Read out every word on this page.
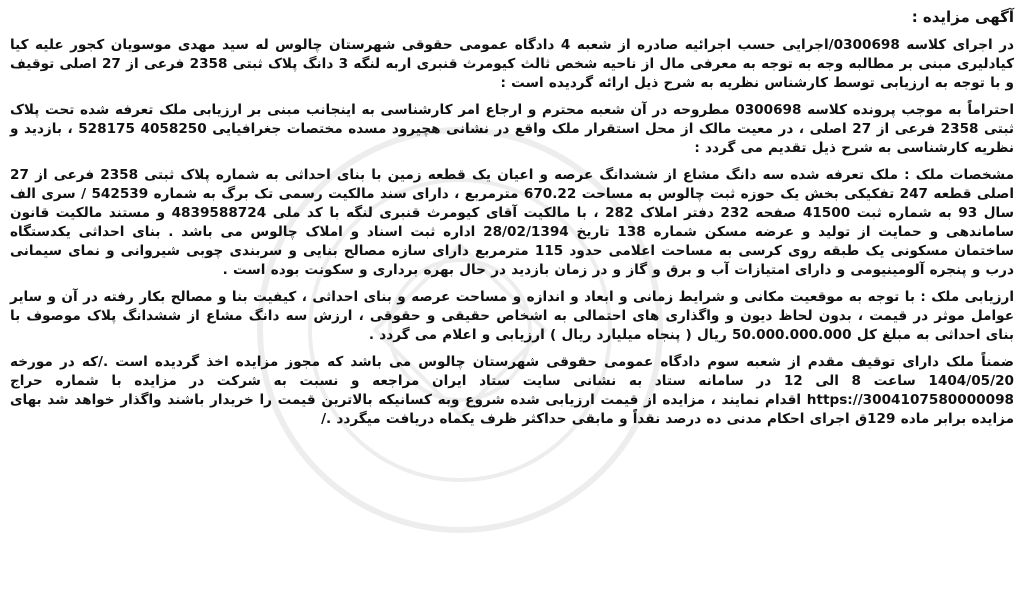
آگهی مزایده :

در اجرای کلاسه 0300698/اجرایی حسب اجرائیه صادره از شعبه 4 دادگاه عمومی حقوقی شهرستان چالوس له سید مهدی موسویان کجور علیه کیا کیادلیری مبنی بر مطالبه وجه به توجه به معرفی مال از ناحیه شخص ثالث کیومرث قنبری اربه لنگه 3 دانگ پلاک ثبتی 2358 فرعی از 27 اصلی توقیف و با توجه به ارزیابی توسط کارشناس نظریه به شرح ذیل ارائه گردیده است :

احتراماً به موجب پرونده کلاسه 0300698 مطروحه در آن شعبه محترم و ارجاع امر کارشناسی به اینجانب مبنی بر ارزیابی ملک تعرفه شده تحت پلاک ثبتی 2358 فرعی از 27 اصلی ، در معیت مالک از محل استقرار ملک واقع در نشانی هچیرود مسده مختصات جغرافیایی 4058250 528175 ، بازدید و نظریه کارشناسی به شرح ذیل تقدیم می گردد :

مشخصات ملک : ملک تعرفه شده سه دانگ مشاع از ششدانگ عرصه و اعیان یک قطعه زمین با بنای احداثی به شماره پلاک ثبتی 2358 فرعی از 27 اصلی قطعه 247 تفکیکی بخش یک حوزه ثبت چالوس به مساحت 670.22 مترمربع ، دارای سند مالکیت رسمی تک برگ به شماره 542539 / سری الف سال 93 به شماره ثبت 41500 صفحه 232 دفتر املاک 282 ، با مالکیت آقای کیومرث قنبری لنگه با کد ملی 4839588724 و مستند مالکیت قانون ساماندهی و حمایت از تولید و عرضه مسکن شماره 138 تاریخ 28/02/1394 اداره ثبت اسناد و املاک چالوس می باشد . بنای احداثی یکدستگاه ساختمان مسکونی یک طبقه روی کرسی به مساحت اعلامی حدود 115 مترمربع دارای سازه مصالح بنایی و سربندی چوبی شیروانی و نمای سیمانی درب و پنجره آلومینیومی و دارای امتیازات آب و برق و گاز و در زمان بازدید در حال بهره برداری و سکونت بوده است .

ارزیابی ملک : با توجه به موقعیت مکانی و شرایط زمانی و ابعاد و اندازه و مساحت عرصه و بنای احداثی ، کیفیت بنا و مصالح بکار رفته در آن و سایر عوامل موثر در قیمت ، بدون لحاظ دیون و واگذاری های احتمالی به اشخاص حقیقی و حقوقی ، ارزش سه دانگ مشاع از ششدانگ پلاک موصوف با بنای احداثی به مبلغ کل 50.000.000.000 ریال ( پنجاه میلیارد ریال ) ارزیابی و اعلام می گردد .

ضمناً ملک دارای توقیف مقدم از شعبه سوم دادگاه عمومی حقوقی شهرستان چالوس می باشد که مجوز مزایده اخذ گردیده است ./که در مورخه 1404/05/20 ساعت 8 الی 12 در سامانه ستاد به نشانی سایت ستاد ایران مراجعه و نسبت به شرکت در مزایده با شماره حراج https://3004107580000098 اقدام نمایند ، مزایده از قیمت ارزیابی شده شروع وبه کسانیکه بالاترین قیمت را خریدار باشند واگذار خواهد شد بهای مزایده برابر ماده 129ق اجرای احکام مدنی ده درصد نقداً و مابقی حداکثر ظرف یکماه دریافت میگردد ./
